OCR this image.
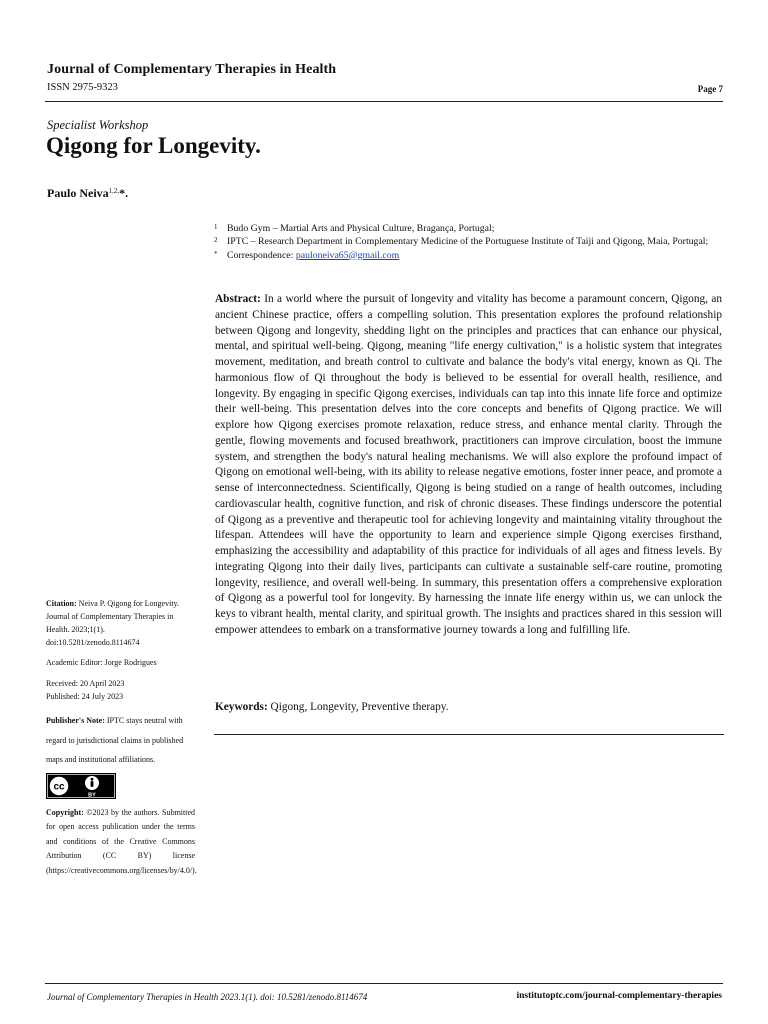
Journal of Complementary Therapies in Health
ISSN 2975-9323	Page 7
Specialist Workshop
Qigong for Longevity.
Paulo Neiva$^{1,2,}$*.
1 Budo Gym – Martial Arts and Physical Culture, Bragança, Portugal;
2 IPTC – Research Department in Complementary Medicine of the Portuguese Institute of Taiji and Qigong, Maia, Portugal;
* Correspondence: pauloneiva65@gmail.com

Abstract: In a world where the pursuit of longevity and vitality has become a paramount concern, Qigong, an ancient Chinese practice, offers a compelling solution. This presentation explores the profound relationship between Qigong and longevity, shedding light on the principles and practices that can enhance our physical, mental, and spiritual well-being. Qigong, meaning "life energy cultivation," is a holistic system that integrates movement, meditation, and breath control to cultivate and balance the body's vital energy, known as Qi. The harmonious flow of Qi throughout the body is believed to be essential for overall health, resilience, and longevity. By engaging in specific Qigong exercises, individuals can tap into this innate life force and optimize their well-being. This presentation delves into the core concepts and benefits of Qigong practice. We will explore how Qigong exercises promote relaxation, reduce stress, and enhance mental clarity. Through the gentle, flowing movements and focused breathwork, practitioners can improve circulation, boost the immune system, and strengthen the body's natural healing mechanisms. We will also explore the profound impact of Qigong on emotional well-being, with its ability to release negative emotions, foster inner peace, and promote a sense of interconnectedness. Scientifically, Qigong is being studied on a range of health outcomes, including cardiovascular health, cognitive function, and risk of chronic diseases. These findings underscore the potential of Qigong as a preventive and therapeutic tool for achieving longevity and maintaining vitality throughout the lifespan. Attendees will have the opportunity to learn and experience simple Qigong exercises firsthand, emphasizing the accessibility and adaptability of this practice for individuals of all ages and fitness levels. By integrating Qigong into their daily lives, participants can cultivate a sustainable self-care routine, promoting longevity, resilience, and overall well-being. In summary, this presentation offers a comprehensive exploration of Qigong as a powerful tool for longevity. By harnessing the innate life energy within us, we can unlock the keys to vibrant health, mental clarity, and spiritual growth. The insights and practices shared in this session will empower attendees to embark on a transformative journey towards a long and fulfilling life.

Keywords: Qigong, Longevity, Preventive therapy.

Citation: Neiva P. Qigong for Longevity. Journal of Complementary Therapies in Health. 2023;1(1). doi:10.5281/zenodo.8114674

Academic Editor: Jorge Rodrigues

Received: 20 April 2023
Published: 24 July 2023

Publisher's Note: IPTC stays neutral with regard to jurisdictional claims in published maps and institutional affiliations.

cc
BY

Copyright: ©2023 by the authors. Submitted for open access publication under the terms and conditions of the Creative Commons Attribution (CC BY) license (https://creativecommons.org/licenses/by/4.0/).

Journal of Complementary Therapies in Health 2023.1(1). doi: 10.5281/zenodo.8114674	institutoptc.com/journal-complementary-therapies
